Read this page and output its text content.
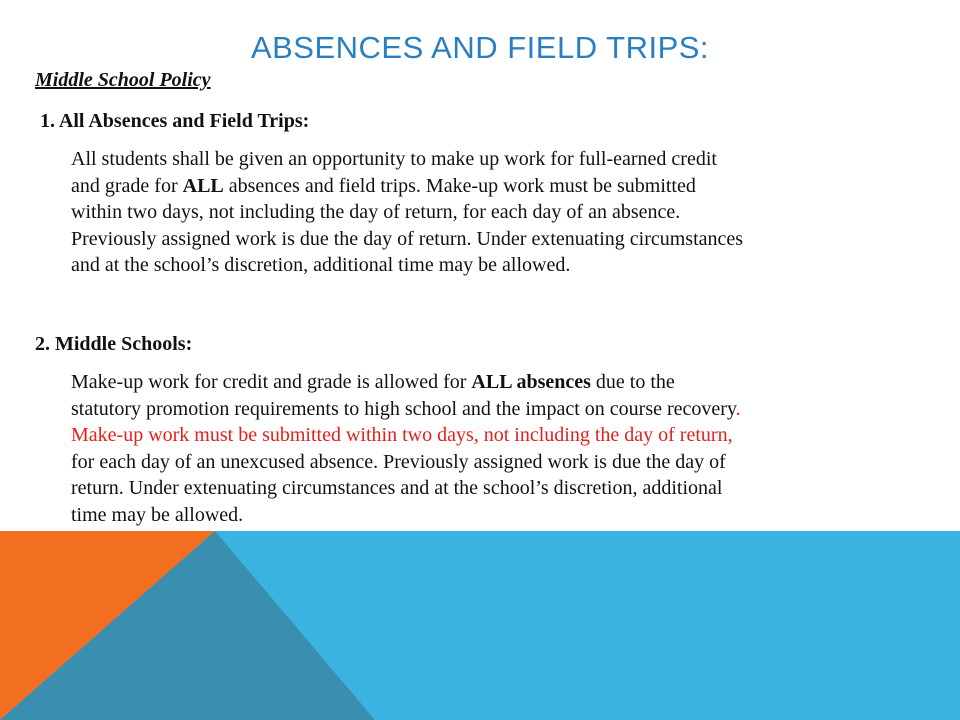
ABSENCES AND FIELD TRIPS:
Middle School Policy
1. All Absences and Field Trips:
All students shall be given an opportunity to make up work for full-earned credit
and grade for ALL absences and field trips. Make-up work must be submitted
within two days, not including the day of return, for each day of an absence.
Previously assigned work is due the day of return. Under extenuating circumstances
and at the school’s discretion, additional time may be allowed.
2. Middle Schools:
Make-up work for credit and grade is allowed for ALL absences due to the
statutory promotion requirements to high school and the impact on course recovery.
Make-up work must be submitted within two days, not including the day of return,
for each day of an unexcused absence. Previously assigned work is due the day of
return. Under extenuating circumstances and at the school’s discretion, additional
time may be allowed.
